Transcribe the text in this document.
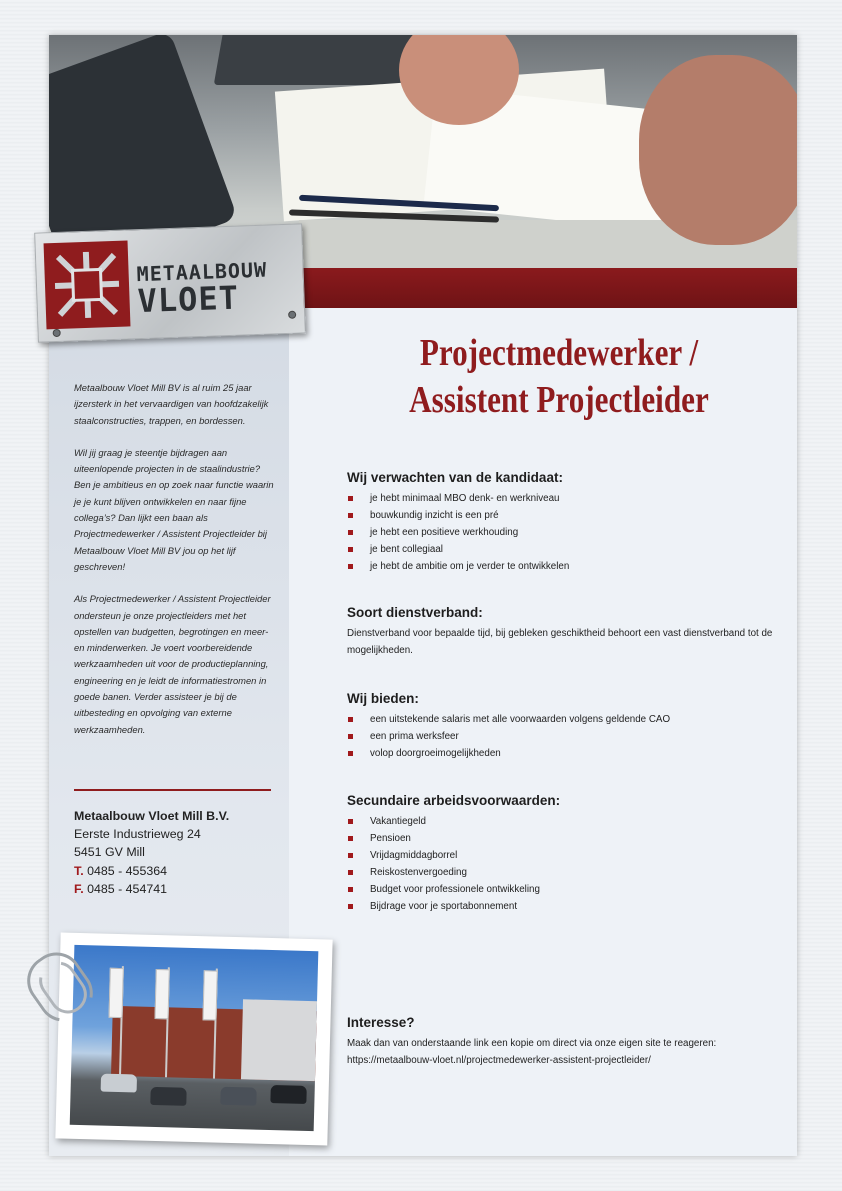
METAALBOUW
VLOET

Metaalbouw Vloet Mill BV is al ruim 25 jaar ijzersterk in het vervaardigen van hoofdzakelijk staalconstructies, trappen, en bordessen.

Wil jij graag je steentje bijdragen aan uiteenlopende projecten in de staalindustrie? Ben je ambitieus en op zoek naar functie waarin je je kunt blijven ontwikkelen en naar fijne collega’s? Dan lijkt een baan als Projectmedewerker / Assistent Projectleider bij Metaalbouw Vloet Mill BV jou op het lijf geschreven!

Als Projectmedewerker / Assistent Projectleider ondersteun je onze projectleiders met het opstellen van budgetten, begrotingen en meer- en minderwerken. Je voert voorbereidende werkzaamheden uit voor de productieplanning, engineering en je leidt de informatiestromen in goede banen. Verder assisteer je bij de uitbesteding en opvolging van externe werkzaamheden.

Metaalbouw Vloet Mill B.V.
Eerste Industrieweg 24
5451 GV Mill
T. 0485 - 455364
F. 0485 - 454741
Projectmedewerker /
Assistent Projectleider
Wij verwachten van de kandidaat:
je hebt minimaal MBO denk- en werkniveau
bouwkundig inzicht is een pré
je hebt een positieve werkhouding
je bent collegiaal
je hebt de ambitie om je verder te ontwikkelen
Soort dienstverband:

Dienstverband voor bepaalde tijd, bij gebleken geschiktheid behoort een vast dienstverband tot de mogelijkheden.

Wij bieden:
een uitstekende salaris met alle voorwaarden volgens geldende CAO
een prima werksfeer
volop doorgroeimogelijkheden
Secundaire arbeidsvoorwaarden:
Vakantiegeld
Pensioen
Vrijdagmiddagborrel
Reiskostenvergoeding
Budget voor professionele ontwikkeling
Bijdrage voor je sportabonnement
Interesse?

Maak dan van onderstaande link een kopie om direct via onze eigen site te reageren:

https://metaalbouw-vloet.nl/projectmedewerker-assistent-projectleider/
